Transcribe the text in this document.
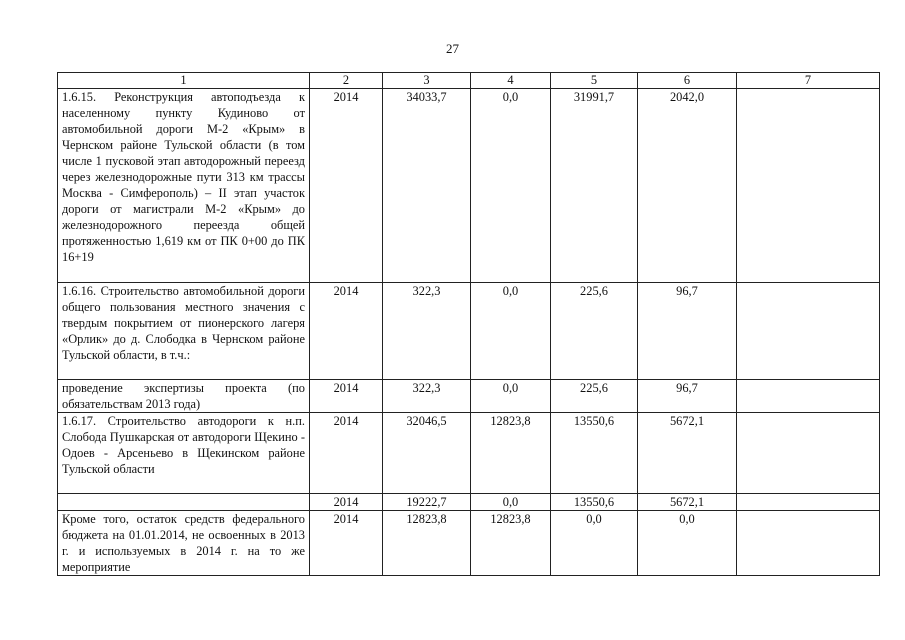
27
1	2	3	4	5	6	7
1.6.15. Реконструкция автоподъезда к населенному пункту Кудиново от автомобильной дороги М-2 «Крым» в Чернском районе Тульской области (в том числе 1 пусковой этап автодорожный переезд через железнодорожные пути 313 км трассы Москва - Симферополь) – II этап участок дороги от магистрали М-2 «Крым» до железнодорожного переезда общей протяженностью 1,619 км от ПК 0+00 до ПК 16+19	2014	34033,7	0,0	31991,7	2042,0	
1.6.16. Строительство автомобильной дороги общего пользования местного значения с твердым покрытием от пионерского лагеря «Орлик» до д. Слободка в Чернском районе Тульской области, в т.ч.:	2014	322,3	0,0	225,6	96,7	
проведение экспертизы проекта (по обязательствам 2013 года)	2014	322,3	0,0	225,6	96,7	
1.6.17. Строительство автодороги к н.п. Слобода Пушкарская от автодороги Щекино - Одоев - Арсеньево в Щекинском районе Тульской области	2014	32046,5	12823,8	13550,6	5672,1	
	2014	19222,7	0,0	13550,6	5672,1	
Кроме того, остаток средств федерального бюджета на 01.01.2014, не освоенных в 2013 г. и используемых в 2014 г. на то же мероприятие	2014	12823,8	12823,8	0,0	0,0	
